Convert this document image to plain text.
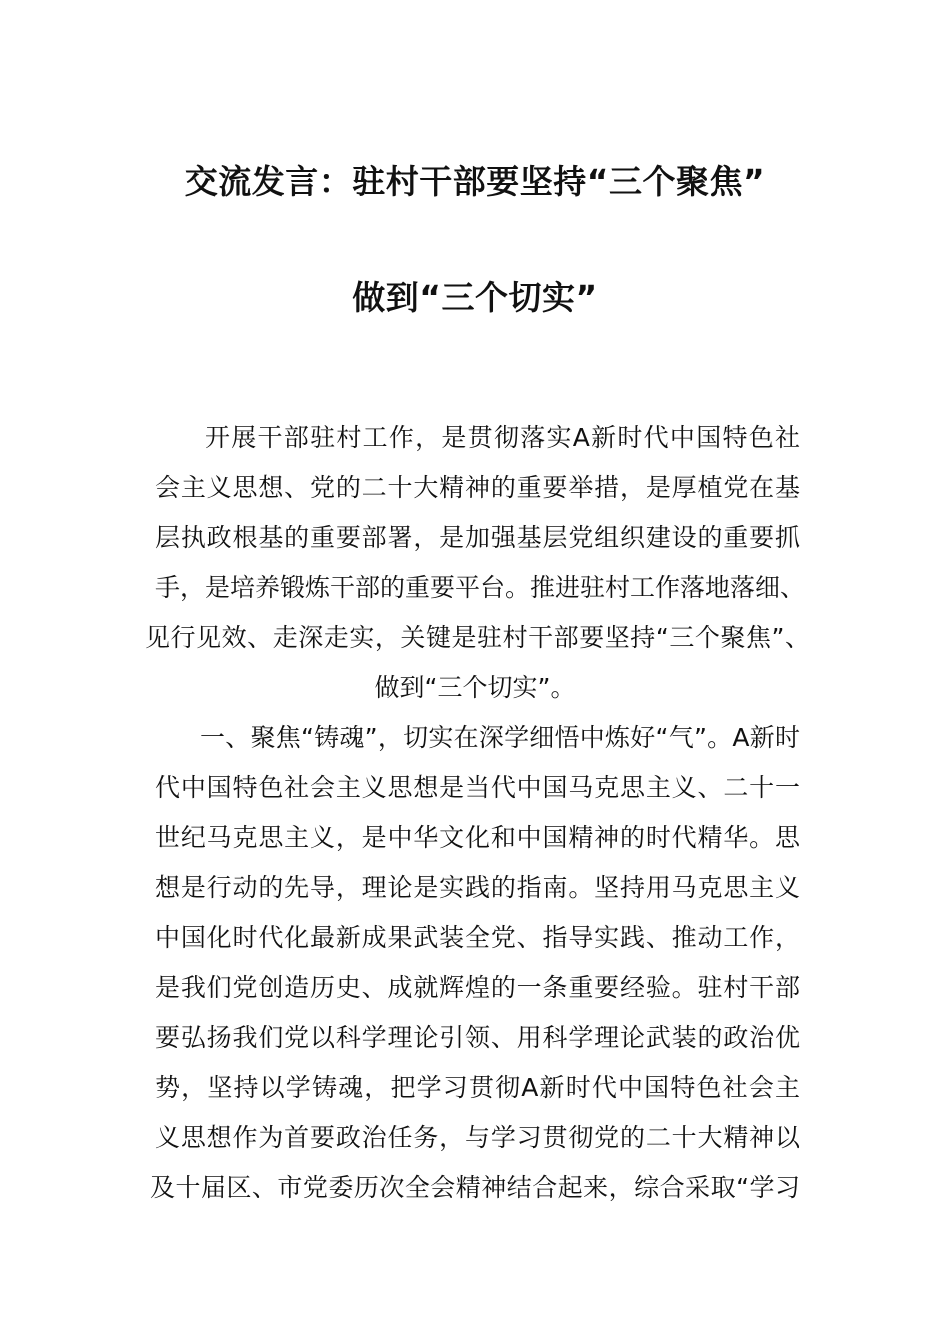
交流发言：驻村干部要坚持“三个聚焦”
做到“三个切实”
开展干部驻村工作，是贯彻落实A新时代中国特色社
会主义思想、党的二十大精神的重要举措，是厚植党在基
层执政根基的重要部署，是加强基层党组织建设的重要抓
手，是培养锻炼干部的重要平台。推进驻村工作落地落细、
见行见效、走深走实，关键是驻村干部要坚持“三个聚焦”、
做到“三个切实”。
一、聚焦“铸魂”，切实在深学细悟中炼好“气”。A新时
代中国特色社会主义思想是当代中国马克思主义、二十一
世纪马克思主义，是中华文化和中国精神的时代精华。思
想是行动的先导，理论是实践的指南。坚持用马克思主义
中国化时代化最新成果武装全党、指导实践、推动工作，
是我们党创造历史、成就辉煌的一条重要经验。驻村干部
要弘扬我们党以科学理论引领、用科学理论武装的政治优
势，坚持以学铸魂，把学习贯彻A新时代中国特色社会主
义思想作为首要政治任务，与学习贯彻党的二十大精神以
及十届区、市党委历次全会精神结合起来，综合采取“学习
